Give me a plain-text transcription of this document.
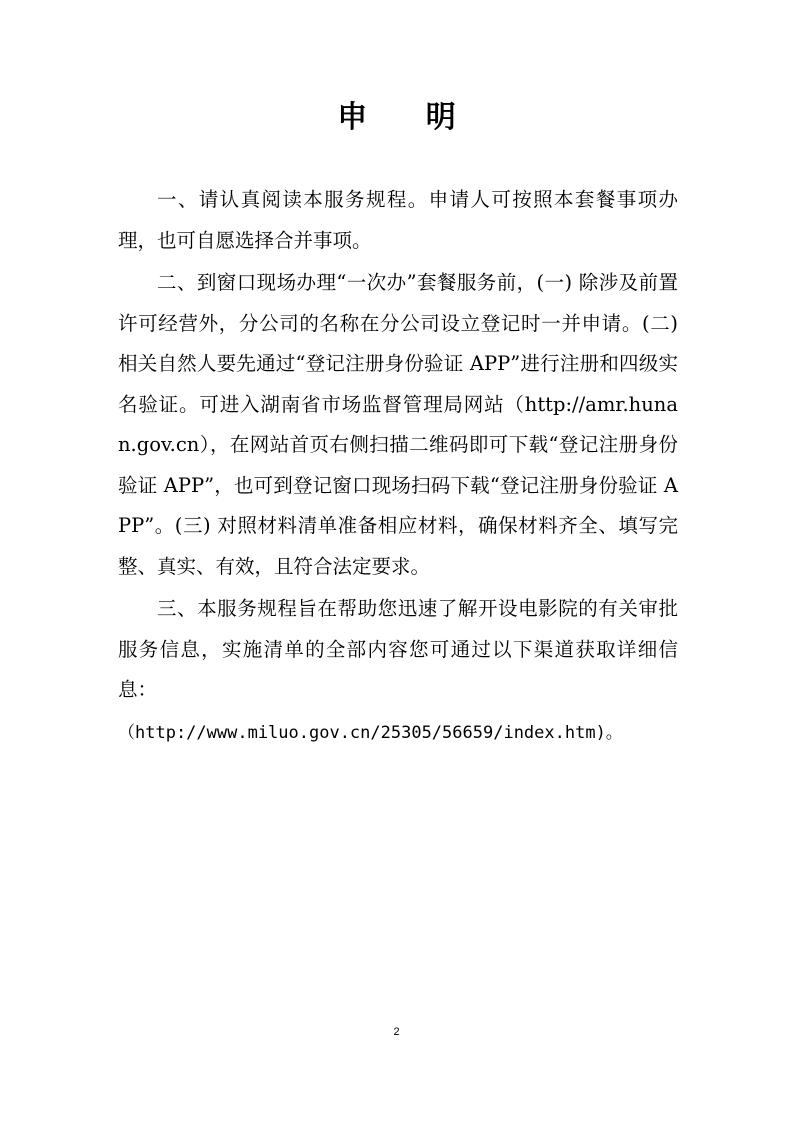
申 明

一、请认真阅读本服务规程。申请人可按照本套餐事项办理，也可自愿选择合并事项。

二、到窗口现场办理“一次办”套餐服务前，(一) 除涉及前置许可经营外，分公司的名称在分公司设立登记时一并申请。(二)相关自然人要先通过“登记注册身份验证 APP”进行注册和四级实名验证。可进入湖南省市场监督管理局网站（http://amr.hunan.gov.cn），在网站首页右侧扫描二维码即可下载“登记注册身份验证 APP”，也可到登记窗口现场扫码下载“登记注册身份验证 APP”。(三) 对照材料清单准备相应材料，确保材料齐全、填写完整、真实、有效，且符合法定要求。

三、本服务规程旨在帮助您迅速了解开设电影院的有关审批服务信息，实施清单的全部内容您可通过以下渠道获取详细信息：

（http://www.miluo.gov.cn/25305/56659/index.htm)。

2
